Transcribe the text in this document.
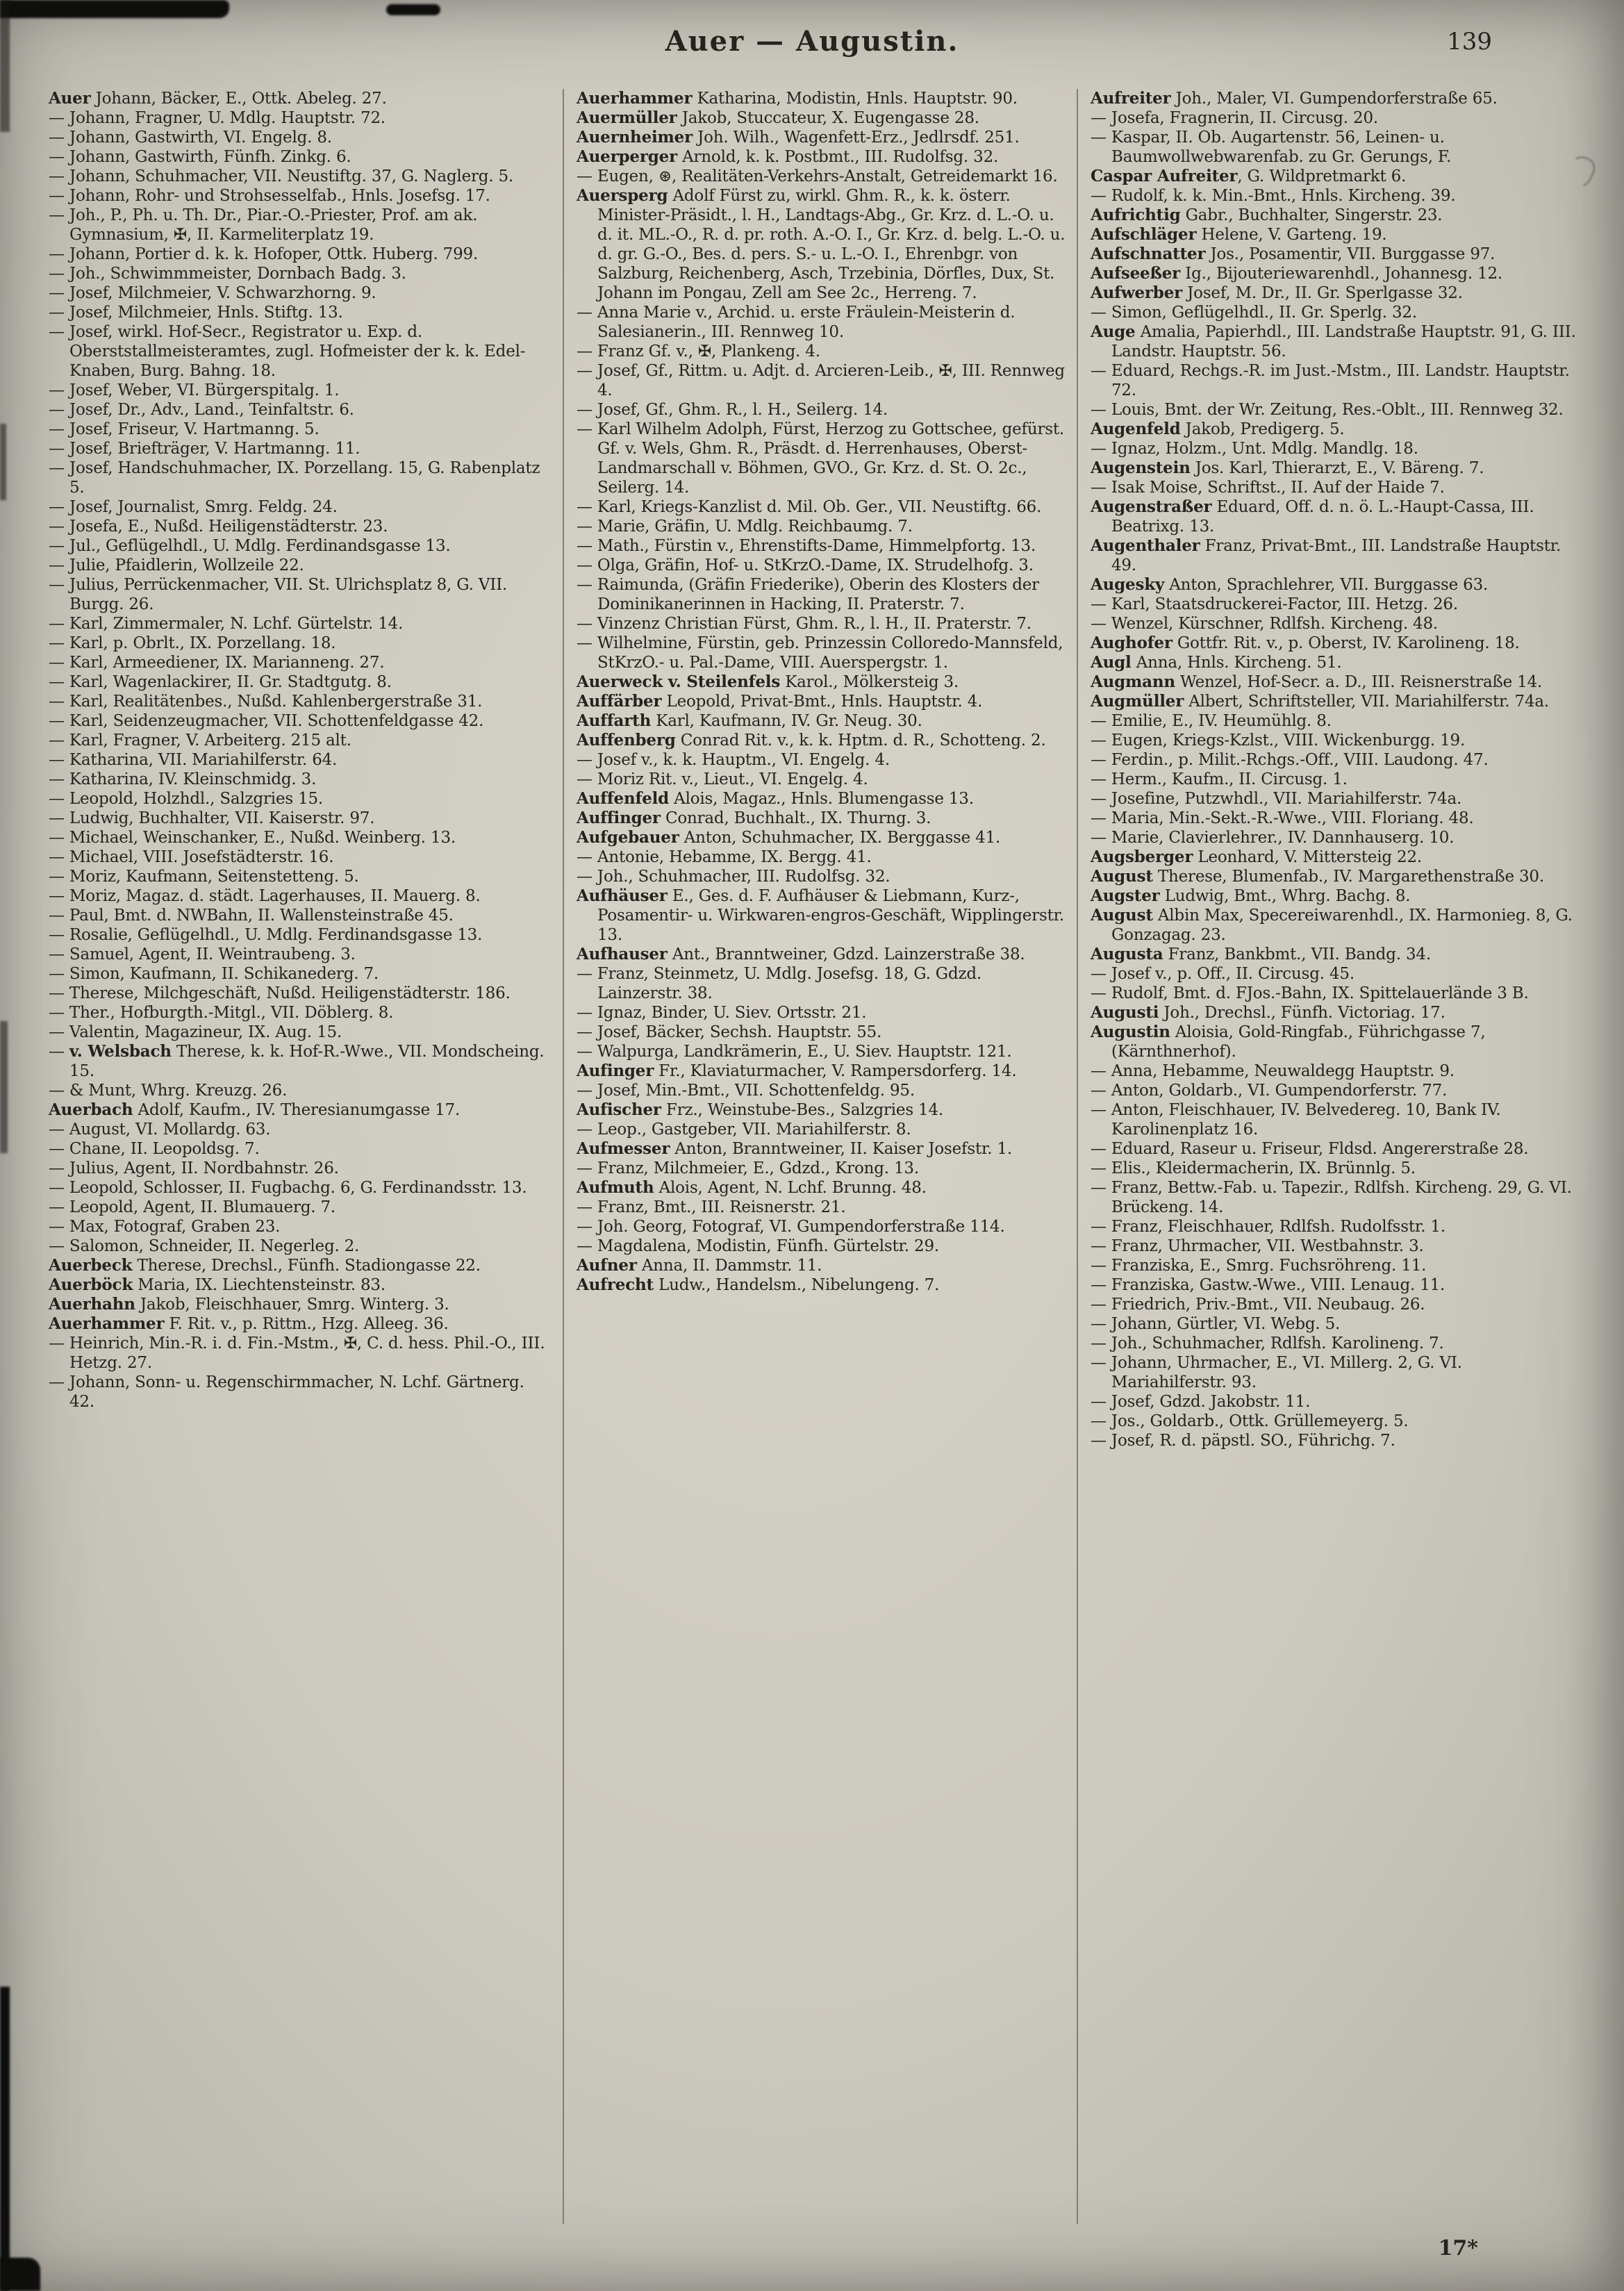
Auer — Augustin.	139

Auer Johann, Bäcker, E., Ottk. Abeleg. 27.

— Johann, Fragner, U. Mdlg. Hauptstr. 72.

— Johann, Gastwirth, VI. Engelg. 8.

— Johann, Gastwirth, Fünfh. Zinkg. 6.

— Johann, Schuhmacher, VII. Neustiftg. 37, G. Naglerg. 5.

— Johann, Rohr- und Strohsesselfab., Hnls. Josefsg. 17.

— Joh., P., Ph. u. Th. Dr., Piar.-O.-Priester, Prof. am ak. Gymnasium, ✠, II. Karmeliterplatz 19.

— Johann, Portier d. k. k. Hofoper, Ottk. Huberg. 799.

— Joh., Schwimmmeister, Dornbach Badg. 3.

— Josef, Milchmeier, V. Schwarzhorng. 9.

— Josef, Milchmeier, Hnls. Stiftg. 13.

— Josef, wirkl. Hof-Secr., Registrator u. Exp. d. Oberststallmeisteramtes, zugl. Hofmeister der k. k. Edel-Knaben, Burg. Bahng. 18.

— Josef, Weber, VI. Bürgerspitalg. 1.

— Josef, Dr., Adv., Land., Teinfaltstr. 6.

— Josef, Friseur, V. Hartmanng. 5.

— Josef, Briefträger, V. Hartmanng. 11.

— Josef, Handschuhmacher, IX. Porzellang. 15, G. Rabenplatz 5.

— Josef, Journalist, Smrg. Feldg. 24.

— Josefa, E., Nußd. Heiligenstädterstr. 23.

— Jul., Geflügelhdl., U. Mdlg. Ferdinandsgasse 13.

— Julie, Pfaidlerin, Wollzeile 22.

— Julius, Perrückenmacher, VII. St. Ulrichsplatz 8, G. VII. Burgg. 26.

— Karl, Zimmermaler, N. Lchf. Gürtelstr. 14.

— Karl, p. Obrlt., IX. Porzellang. 18.

— Karl, Armeediener, IX. Marianneng. 27.

— Karl, Wagenlackirer, II. Gr. Stadtgutg. 8.

— Karl, Realitätenbes., Nußd. Kahlenbergerstraße 31.

— Karl, Seidenzeugmacher, VII. Schottenfeldgasse 42.

— Karl, Fragner, V. Arbeiterg. 215 alt.

— Katharina, VII. Mariahilferstr. 64.

— Katharina, IV. Kleinschmidg. 3.

— Leopold, Holzhdl., Salzgries 15.

— Ludwig, Buchhalter, VII. Kaiserstr. 97.

— Michael, Weinschanker, E., Nußd. Weinberg. 13.

— Michael, VIII. Josefstädterstr. 16.

— Moriz, Kaufmann, Seitenstetteng. 5.

— Moriz, Magaz. d. städt. Lagerhauses, II. Mauerg. 8.

— Paul, Bmt. d. NWBahn, II. Wallensteinstraße 45.

— Rosalie, Geflügelhdl., U. Mdlg. Ferdinandsgasse 13.

— Samuel, Agent, II. Weintraubeng. 3.

— Simon, Kaufmann, II. Schikanederg. 7.

— Therese, Milchgeschäft, Nußd. Heiligenstädterstr. 186.

— Ther., Hofburgth.-Mitgl., VII. Döblerg. 8.

— Valentin, Magazineur, IX. Aug. 15.

— v. Welsbach Therese, k. k. Hof-R.-Wwe., VII. Mondscheing. 15.

— & Munt, Whrg. Kreuzg. 26.

Auerbach Adolf, Kaufm., IV. Theresianumgasse 17.

— August, VI. Mollardg. 63.

— Chane, II. Leopoldsg. 7.

— Julius, Agent, II. Nordbahnstr. 26.

— Leopold, Schlosser, II. Fugbachg. 6, G. Ferdinandsstr. 13.

— Leopold, Agent, II. Blumauerg. 7.

— Max, Fotograf, Graben 23.

— Salomon, Schneider, II. Negerleg. 2.

Auerbeck Therese, Drechsl., Fünfh. Stadiongasse 22.

Auerböck Maria, IX. Liechtensteinstr. 83.

Auerhahn Jakob, Fleischhauer, Smrg. Winterg. 3.

Auerhammer F. Rit. v., p. Rittm., Hzg. Alleeg. 36.

— Heinrich, Min.-R. i. d. Fin.-Mstm., ✠, C. d. hess. Phil.-O., III. Hetzg. 27.

— Johann, Sonn- u. Regenschirmmacher, N. Lchf. Gärtnerg. 42.

Auerhammer Katharina, Modistin, Hnls. Hauptstr. 90.

Auermüller Jakob, Stuccateur, X. Eugengasse 28.

Auernheimer Joh. Wilh., Wagenfett-Erz., Jedlrsdf. 251.

Auerperger Arnold, k. k. Postbmt., III. Rudolfsg. 32.

— Eugen, ⊛, Realitäten-Verkehrs-Anstalt, Getreidemarkt 16.

Auersperg Adolf Fürst zu, wirkl. Ghm. R., k. k. österr. Minister-Präsidt., l. H., Landtags-Abg., Gr. Krz. d. L.-O. u. d. it. ML.-O., R. d. pr. roth. A.-O. I., Gr. Krz. d. belg. L.-O. u. d. gr. G.-O., Bes. d. pers. S.- u. L.-O. I., Ehrenbgr. von Salzburg, Reichenberg, Asch, Trzebinia, Dörfles, Dux, St. Johann im Pongau, Zell am See 2c., Herreng. 7.

— Anna Marie v., Archid. u. erste Fräulein-Meisterin d. Salesianerin., III. Rennweg 10.

— Franz Gf. v., ✠, Plankeng. 4.

— Josef, Gf., Rittm. u. Adjt. d. Arcieren-Leib., ✠, III. Rennweg 4.

— Josef, Gf., Ghm. R., l. H., Seilerg. 14.

— Karl Wilhelm Adolph, Fürst, Herzog zu Gottschee, gefürst. Gf. v. Wels, Ghm. R., Präsdt. d. Herrenhauses, Oberst-Landmarschall v. Böhmen, GVO., Gr. Krz. d. St. O. 2c., Seilerg. 14.

— Karl, Kriegs-Kanzlist d. Mil. Ob. Ger., VII. Neustiftg. 66.

— Marie, Gräfin, U. Mdlg. Reichbaumg. 7.

— Math., Fürstin v., Ehrenstifts-Dame, Himmelpfortg. 13.

— Olga, Gräfin, Hof- u. StKrzO.-Dame, IX. Strudelhofg. 3.

— Raimunda, (Gräfin Friederike), Oberin des Klosters der Dominikanerinnen in Hacking, II. Praterstr. 7.

— Vinzenz Christian Fürst, Ghm. R., l. H., II. Praterstr. 7.

— Wilhelmine, Fürstin, geb. Prinzessin Colloredo-Mannsfeld, StKrzO.- u. Pal.-Dame, VIII. Auerspergstr. 1.

Auerweck v. Steilenfels Karol., Mölkersteig 3.

Auffärber Leopold, Privat-Bmt., Hnls. Hauptstr. 4.

Auffarth Karl, Kaufmann, IV. Gr. Neug. 30.

Auffenberg Conrad Rit. v., k. k. Hptm. d. R., Schotteng. 2.

— Josef v., k. k. Hauptm., VI. Engelg. 4.

— Moriz Rit. v., Lieut., VI. Engelg. 4.

Auffenfeld Alois, Magaz., Hnls. Blumengasse 13.

Auffinger Conrad, Buchhalt., IX. Thurng. 3.

Aufgebauer Anton, Schuhmacher, IX. Berggasse 41.

— Antonie, Hebamme, IX. Bergg. 41.

— Joh., Schuhmacher, III. Rudolfsg. 32.

Aufhäuser E., Ges. d. F. Aufhäuser & Liebmann, Kurz-, Posamentir- u. Wirkwaren-engros-Geschäft, Wipplingerstr. 13.

Aufhauser Ant., Branntweiner, Gdzd. Lainzerstraße 38.

— Franz, Steinmetz, U. Mdlg. Josefsg. 18, G. Gdzd. Lainzerstr. 38.

— Ignaz, Binder, U. Siev. Ortsstr. 21.

— Josef, Bäcker, Sechsh. Hauptstr. 55.

— Walpurga, Landkrämerin, E., U. Siev. Hauptstr. 121.

Aufinger Fr., Klaviaturmacher, V. Rampersdorferg. 14.

— Josef, Min.-Bmt., VII. Schottenfeldg. 95.

Aufischer Frz., Weinstube-Bes., Salzgries 14.

— Leop., Gastgeber, VII. Mariahilferstr. 8.

Aufmesser Anton, Branntweiner, II. Kaiser Josefstr. 1.

— Franz, Milchmeier, E., Gdzd., Krong. 13.

Aufmuth Alois, Agent, N. Lchf. Brunng. 48.

— Franz, Bmt., III. Reisnerstr. 21.

— Joh. Georg, Fotograf, VI. Gumpendorferstraße 114.

— Magdalena, Modistin, Fünfh. Gürtelstr. 29.

Aufner Anna, II. Dammstr. 11.

Aufrecht Ludw., Handelsm., Nibelungeng. 7.

Aufreiter Joh., Maler, VI. Gumpendorferstraße 65.

— Josefa, Fragnerin, II. Circusg. 20.

— Kaspar, II. Ob. Augartenstr. 56, Leinen- u. Baumwollwebwarenfab. zu Gr. Gerungs, F.

Caspar Aufreiter, G. Wildpretmarkt 6.

— Rudolf, k. k. Min.-Bmt., Hnls. Kircheng. 39.

Aufrichtig Gabr., Buchhalter, Singerstr. 23.

Aufschläger Helene, V. Garteng. 19.

Aufschnatter Jos., Posamentir, VII. Burggasse 97.

Aufseeßer Ig., Bijouteriewarenhdl., Johannesg. 12.

Aufwerber Josef, M. Dr., II. Gr. Sperlgasse 32.

— Simon, Geflügelhdl., II. Gr. Sperlg. 32.

Auge Amalia, Papierhdl., III. Landstraße Hauptstr. 91, G. III. Landstr. Hauptstr. 56.

— Eduard, Rechgs.-R. im Just.-Mstm., III. Landstr. Hauptstr. 72.

— Louis, Bmt. der Wr. Zeitung, Res.-Oblt., III. Rennweg 32.

Augenfeld Jakob, Predigerg. 5.

— Ignaz, Holzm., Unt. Mdlg. Mandlg. 18.

Augenstein Jos. Karl, Thierarzt, E., V. Bäreng. 7.

— Isak Moise, Schriftst., II. Auf der Haide 7.

Augenstraßer Eduard, Off. d. n. ö. L.-Haupt-Cassa, III. Beatrixg. 13.

Augenthaler Franz, Privat-Bmt., III. Landstraße Hauptstr. 49.

Augesky Anton, Sprachlehrer, VII. Burggasse 63.

— Karl, Staatsdruckerei-Factor, III. Hetzg. 26.

— Wenzel, Kürschner, Rdlfsh. Kircheng. 48.

Aughofer Gottfr. Rit. v., p. Oberst, IV. Karolineng. 18.

Augl Anna, Hnls. Kircheng. 51.

Augmann Wenzel, Hof-Secr. a. D., III. Reisnerstraße 14.

Augmüller Albert, Schriftsteller, VII. Mariahilferstr. 74a.

— Emilie, E., IV. Heumühlg. 8.

— Eugen, Kriegs-Kzlst., VIII. Wickenburgg. 19.

— Ferdin., p. Milit.-Rchgs.-Off., VIII. Laudong. 47.

— Herm., Kaufm., II. Circusg. 1.

— Josefine, Putzwhdl., VII. Mariahilferstr. 74a.

— Maria, Min.-Sekt.-R.-Wwe., VIII. Floriang. 48.

— Marie, Clavierlehrer., IV. Dannhauserg. 10.

Augsberger Leonhard, V. Mittersteig 22.

August Therese, Blumenfab., IV. Margarethenstraße 30.

Augster Ludwig, Bmt., Whrg. Bachg. 8.

August Albin Max, Specereiwarenhdl., IX. Harmonieg. 8, G. Gonzagag. 23.

Augusta Franz, Bankbmt., VII. Bandg. 34.

— Josef v., p. Off., II. Circusg. 45.

— Rudolf, Bmt. d. FJos.-Bahn, IX. Spittelauerlände 3 B.

Augusti Joh., Drechsl., Fünfh. Victoriag. 17.

Augustin Aloisia, Gold-Ringfab., Führichgasse 7, (Kärnthnerhof).

— Anna, Hebamme, Neuwaldegg Hauptstr. 9.

— Anton, Goldarb., VI. Gumpendorferstr. 77.

— Anton, Fleischhauer, IV. Belvedereg. 10, Bank IV. Karolinenplatz 16.

— Eduard, Raseur u. Friseur, Fldsd. Angererstraße 28.

— Elis., Kleidermacherin, IX. Brünnlg. 5.

— Franz, Bettw.-Fab. u. Tapezir., Rdlfsh. Kircheng. 29, G. VI. Brückeng. 14.

— Franz, Fleischhauer, Rdlfsh. Rudolfsstr. 1.

— Franz, Uhrmacher, VII. Westbahnstr. 3.

— Franziska, E., Smrg. Fuchsröhreng. 11.

— Franziska, Gastw.-Wwe., VIII. Lenaug. 11.

— Friedrich, Priv.-Bmt., VII. Neubaug. 26.

— Johann, Gürtler, VI. Webg. 5.

— Joh., Schuhmacher, Rdlfsh. Karolineng. 7.

— Johann, Uhrmacher, E., VI. Millerg. 2, G. VI. Mariahilferstr. 93.

— Josef, Gdzd. Jakobstr. 11.

— Jos., Goldarb., Ottk. Grüllemeyerg. 5.

— Josef, R. d. päpstl. SO., Führichg. 7.

17*
